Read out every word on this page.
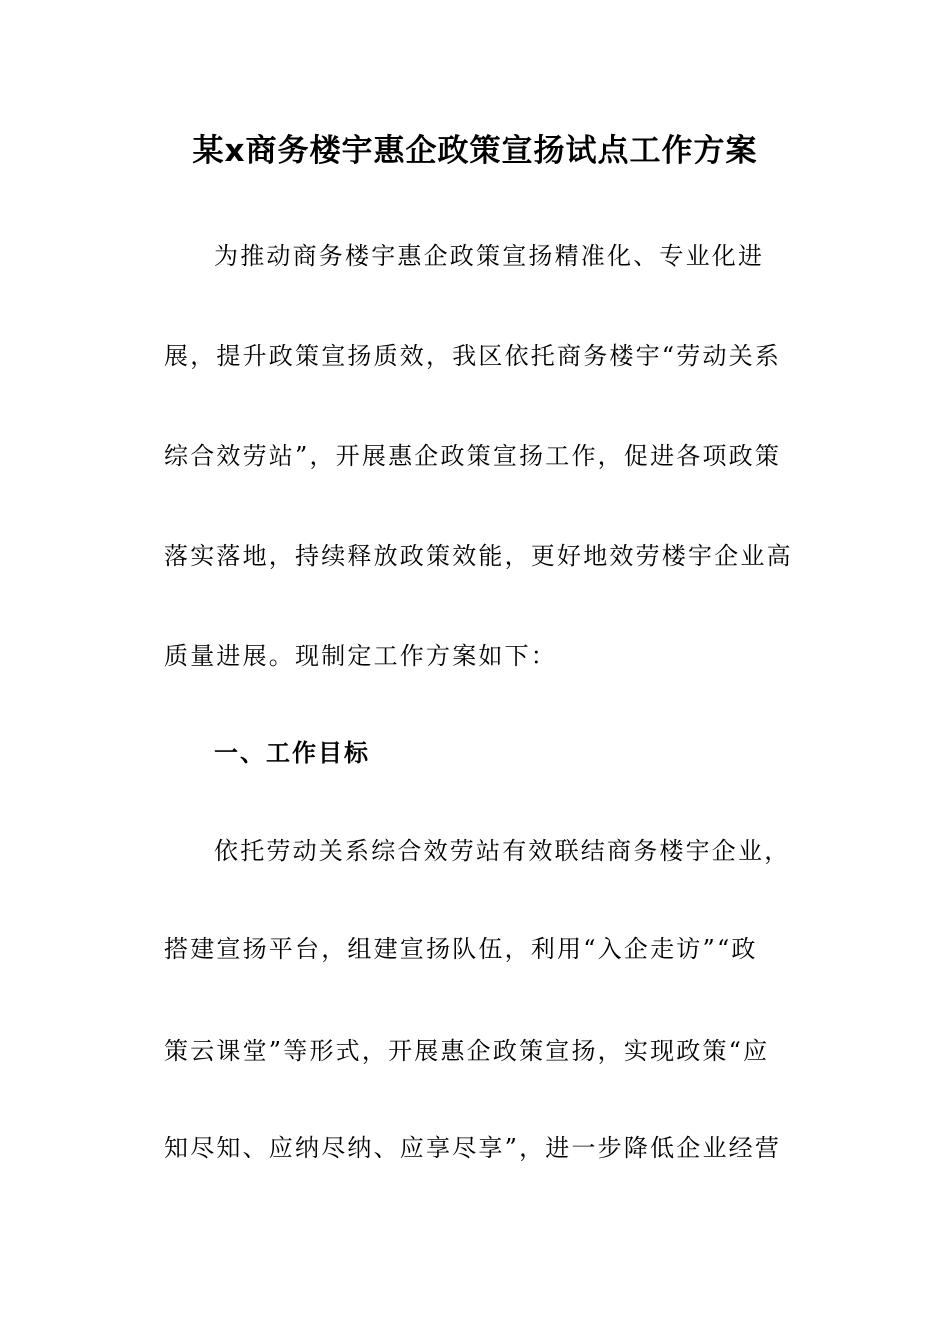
某x商务楼宇惠企政策宣扬试点工作方案
为推动商务楼宇惠企政策宣扬精准化、专业化进
展，提升政策宣扬质效，我区依托商务楼宇“劳动关系
综合效劳站”，开展惠企政策宣扬工作，促进各项政策
落实落地，持续释放政策效能，更好地效劳楼宇企业高
质量进展。现制定工作方案如下：
一、工作目标
依托劳动关系综合效劳站有效联结商务楼宇企业，
搭建宣扬平台，组建宣扬队伍，利用“入企走访”“政
策云课堂”等形式，开展惠企政策宣扬，实现政策“应
知尽知、应纳尽纳、应享尽享”，进一步降低企业经营
